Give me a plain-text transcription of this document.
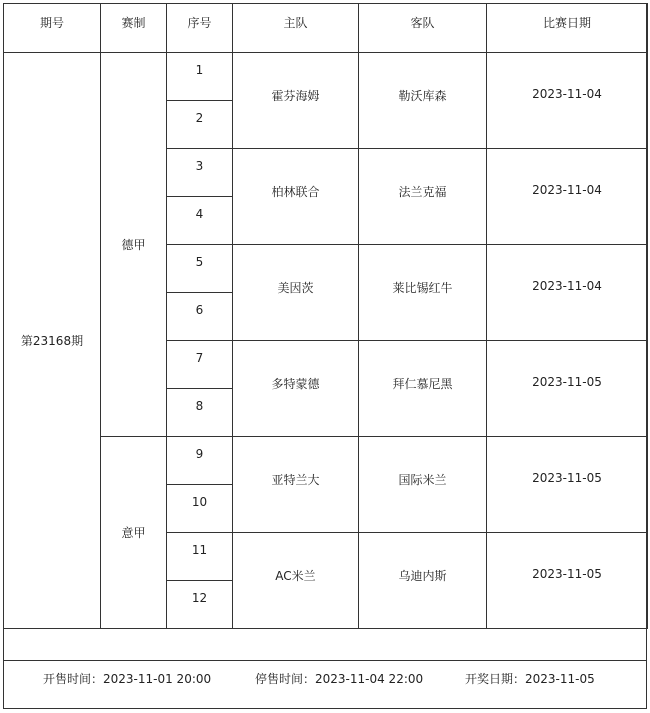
期号	赛制	序号	主队	客队	比赛日期
第23168期	德甲	1	霍芬海姆	勒沃库森	2023-11-04
		2			
		3	柏林联合	法兰克福	2023-11-04
		4			
		5	美因茨	莱比锡红牛	2023-11-04
		6			
		7	多特蒙德	拜仁慕尼黑	2023-11-05
		8			
	意甲	9	亚特兰大	国际米兰	2023-11-05
		10			
		11	AC米兰	乌迪内斯	2023-11-05
		12			
开售时间：2023-11-01 20:00	停售时间：2023-11-04 22:00	开奖日期：2023-11-05
